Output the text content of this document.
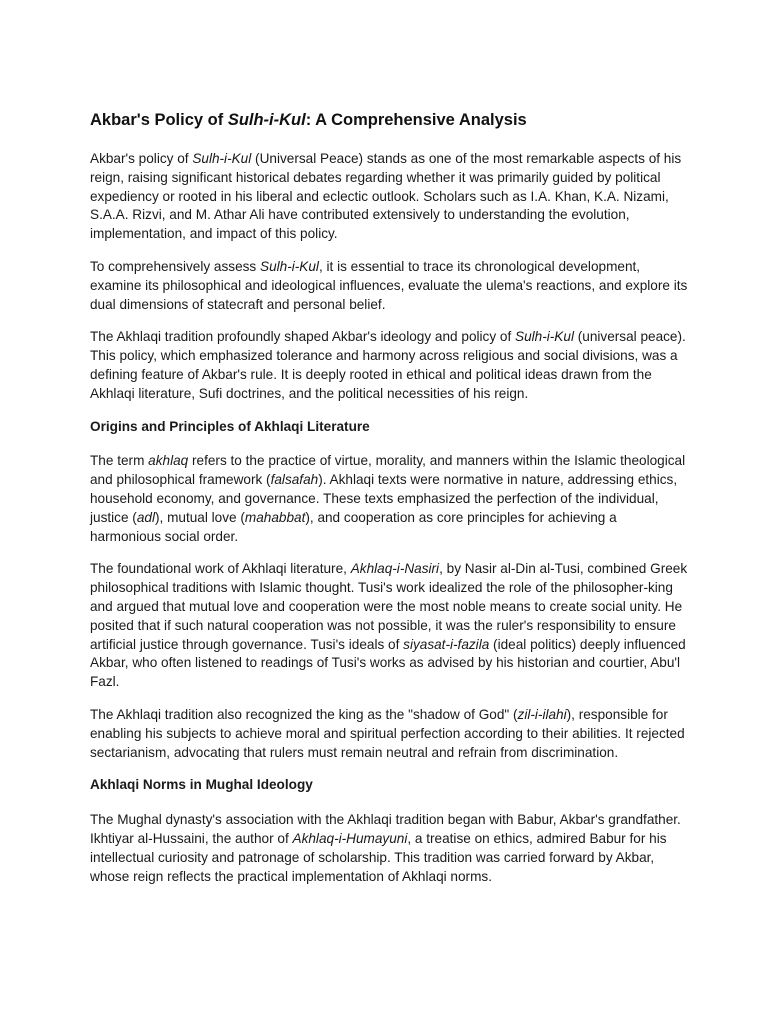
Akbar's Policy of Sulh-i-Kul: A Comprehensive Analysis

Akbar's policy of Sulh-i-Kul (Universal Peace) stands as one of the most remarkable aspects of his reign, raising significant historical debates regarding whether it was primarily guided by political expediency or rooted in his liberal and eclectic outlook. Scholars such as I.A. Khan, K.A. Nizami, S.A.A. Rizvi, and M. Athar Ali have contributed extensively to understanding the evolution, implementation, and impact of this policy.

To comprehensively assess Sulh-i-Kul, it is essential to trace its chronological development, examine its philosophical and ideological influences, evaluate the ulema's reactions, and explore its dual dimensions of statecraft and personal belief.

The Akhlaqi tradition profoundly shaped Akbar's ideology and policy of Sulh-i-Kul (universal peace). This policy, which emphasized tolerance and harmony across religious and social divisions, was a defining feature of Akbar's rule. It is deeply rooted in ethical and political ideas drawn from the Akhlaqi literature, Sufi doctrines, and the political necessities of his reign.

Origins and Principles of Akhlaqi Literature

The term akhlaq refers to the practice of virtue, morality, and manners within the Islamic theological and philosophical framework (falsafah). Akhlaqi texts were normative in nature, addressing ethics, household economy, and governance. These texts emphasized the perfection of the individual, justice (adl), mutual love (mahabbat), and cooperation as core principles for achieving a harmonious social order.

The foundational work of Akhlaqi literature, Akhlaq-i-Nasiri, by Nasir al-Din al-Tusi, combined Greek philosophical traditions with Islamic thought. Tusi's work idealized the role of the philosopher-king and argued that mutual love and cooperation were the most noble means to create social unity. He posited that if such natural cooperation was not possible, it was the ruler's responsibility to ensure artificial justice through governance. Tusi's ideals of siyasat-i-fazila (ideal politics) deeply influenced Akbar, who often listened to readings of Tusi's works as advised by his historian and courtier, Abu'l Fazl.

The Akhlaqi tradition also recognized the king as the "shadow of God" (zil-i-ilahi), responsible for enabling his subjects to achieve moral and spiritual perfection according to their abilities. It rejected sectarianism, advocating that rulers must remain neutral and refrain from discrimination.

Akhlaqi Norms in Mughal Ideology

The Mughal dynasty's association with the Akhlaqi tradition began with Babur, Akbar's grandfather. Ikhtiyar al-Hussaini, the author of Akhlaq-i-Humayuni, a treatise on ethics, admired Babur for his intellectual curiosity and patronage of scholarship. This tradition was carried forward by Akbar, whose reign reflects the practical implementation of Akhlaqi norms.
